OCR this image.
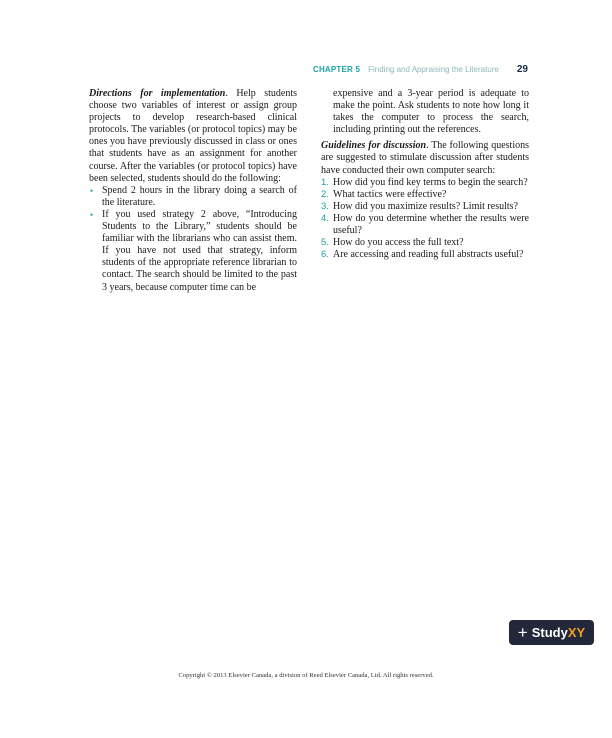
CHAPTER 5 Finding and Appraising the Literature 29

Directions for implementation. Help students choose two variables of interest or assign group projects to develop research-based clinical protocols. The variables (or protocol topics) may be ones you have previously discussed in class or ones that students have as an assignment for another course. After the variables (or protocol topics) have been selected, students should do the following:

• Spend 2 hours in the library doing a search of the literature.
• If you used strategy 2 above, “Introducing Students to the Library,” students should be familiar with the librarians who can assist them. If you have not used that strategy, inform students of the appropriate reference librarian to contact. The search should be limited to the past 3 years, because computer time can be

expensive and a 3-year period is adequate to make the point. Ask students to note how long it takes the computer to process the search, including printing out the references.

Guidelines for discussion. The following questions are suggested to stimulate discussion after students have conducted their own computer search:

1. How did you find key terms to begin the search?
2. What tactics were effective?
3. How did you maximize results? Limit results?
4. How do you determine whether the results were useful?
5. How do you access the full text?
6. Are accessing and reading full abstracts useful?
+ Study XY
Copyright © 2013 Elsevier Canada, a division of Reed Elsevier Canada, Ltd. All rights reserved.
